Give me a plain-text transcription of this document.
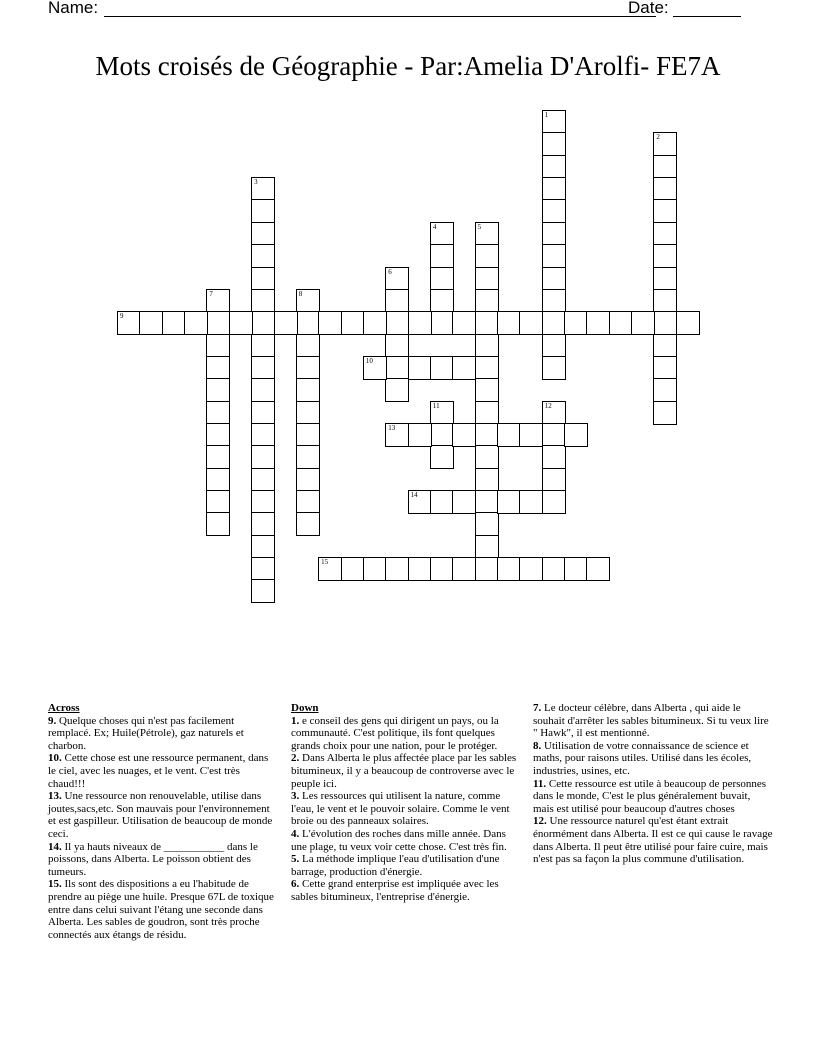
Name:	Date:
Mots croisés de Géographie - Par:Amelia D'Arolfi- FE7A
1
2
3
4	5
6
7	8
9
10
11	12
13
14
15
Across
9. Quelque choses qui n'est pas facilement remplacé. Ex; Huile(Pétrole), gaz naturels et charbon.
10. Cette chose est une ressource permanent, dans le ciel, avec les nuages, et le vent. C'est très chaud!!!
13. Une ressource non renouvelable, utilise dans joutes,sacs,etc. Son mauvais pour l'environnement et est gaspilleur. Utilisation de beaucoup de monde ceci.
14. Il ya hauts niveaux de ___________ dans le poissons, dans Alberta. Le poisson obtient des tumeurs.
15. Ils sont des dispositions a eu l'habitude de prendre au piège une huile. Presque 67L de toxique entre dans celui suivant l'étang une seconde dans Alberta. Les sables de goudron, sont très proche connectés aux étangs de résidu.
Down
1. e conseil des gens qui dirigent un pays, ou la communauté. C'est politique, ils font quelques grands choix pour une nation, pour le protéger.
2. Dans Alberta le plus affectée place par les sables bitumineux, il y a beaucoup de controverse avec le peuple ici.
3. Les ressources qui utilisent la nature, comme l'eau, le vent et le pouvoir solaire. Comme le vent broie ou des panneaux solaires.
4. L'évolution des roches dans mille année. Dans une plage, tu veux voir cette chose. C'est très fin.
5. La méthode implique l'eau d'utilisation d'une barrage, production d'énergie.
6. Cette grand enterprise est impliquée avec les sables bitumineux, l'entreprise d'énergie.
7. Le docteur célèbre, dans Alberta , qui aide le souhait d'arrêter les sables bitumineux. Si tu veux lire " Hawk", il est mentionné.
8. Utilisation de votre connaissance de science et maths, pour raisons utiles. Utilisé dans les écoles, industries, usines, etc.
11. Cette ressource est utile à beaucoup de personnes dans le monde, C'est le plus généralement buvait, mais est utilisé pour beaucoup d'autres choses
12. Une ressource naturel qu'est étant extrait énormément dans Alberta. Il est ce qui cause le ravage dans Alberta. Il peut être utilisé pour faire cuire, mais n'est pas sa façon la plus commune d'utilisation.
